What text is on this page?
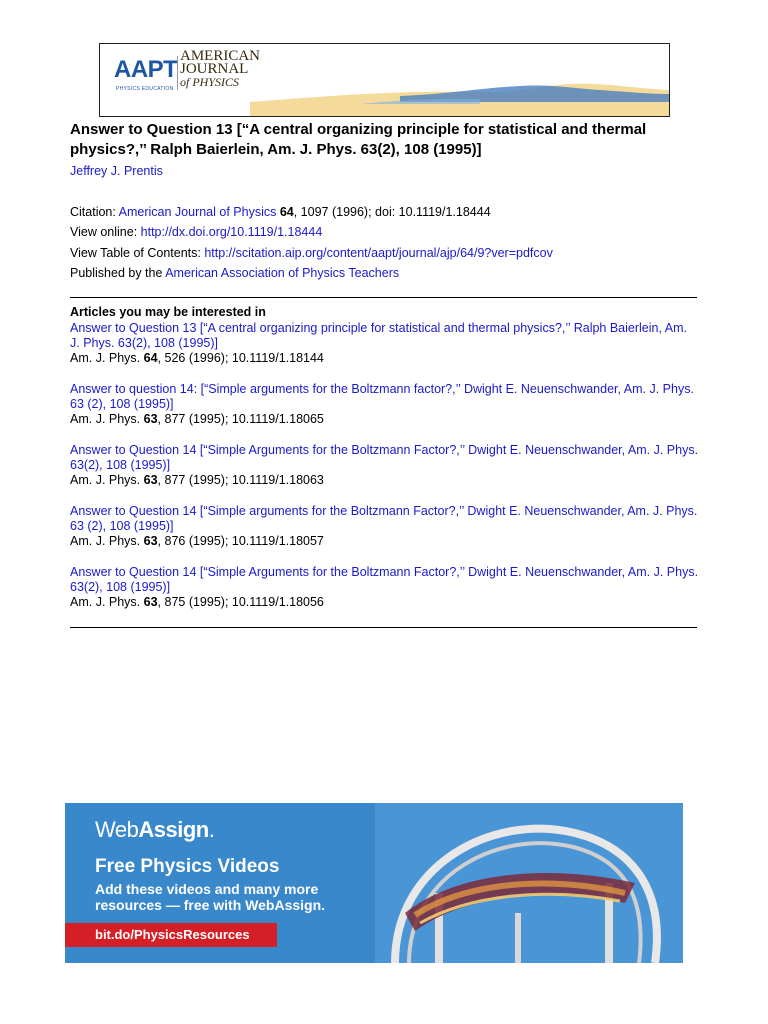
AAPT
PHYSICS EDUCATION
AMERICAN
JOURNAL
of PHYSICS
Answer to Question 13 [“A central organizing principle for statistical and thermal physics?,’’ Ralph Baierlein, Am. J. Phys. 63(2), 108 (1995)]
Jeffrey J. Prentis
Citation: American Journal of Physics 64, 1097 (1996); doi: 10.1119/1.18444
View online: http://dx.doi.org/10.1119/1.18444
View Table of Contents: http://scitation.aip.org/content/aapt/journal/ajp/64/9?ver=pdfcov
Published by the American Association of Physics Teachers
Articles you may be interested in
Answer to Question 13 [“A central organizing principle for statistical and thermal physics?,’’ Ralph Baierlein, Am. J. Phys. 63(2), 108 (1995)]
Am. J. Phys. 64, 526 (1996); 10.1119/1.18144
Answer to question 14: [“Simple arguments for the Boltzmann factor?,’’ Dwight E. Neuenschwander, Am. J. Phys. 63 (2), 108 (1995)]
Am. J. Phys. 63, 877 (1995); 10.1119/1.18065
Answer to Question 14 [“Simple Arguments for the Boltzmann Factor?,’’ Dwight E. Neuenschwander, Am. J. Phys. 63(2), 108 (1995)]
Am. J. Phys. 63, 877 (1995); 10.1119/1.18063
Answer to Question 14 [“Simple arguments for the Boltzmann Factor?,’’ Dwight E. Neuenschwander, Am. J. Phys. 63 (2), 108 (1995)]
Am. J. Phys. 63, 876 (1995); 10.1119/1.18057
Answer to Question 14 [“Simple Arguments for the Boltzmann Factor?,’’ Dwight E. Neuenschwander, Am. J. Phys. 63(2), 108 (1995)]
Am. J. Phys. 63, 875 (1995); 10.1119/1.18056
WebAssign.
Free Physics Videos
Add these videos and many more resources — free with WebAssign.
bit.do/PhysicsResources
